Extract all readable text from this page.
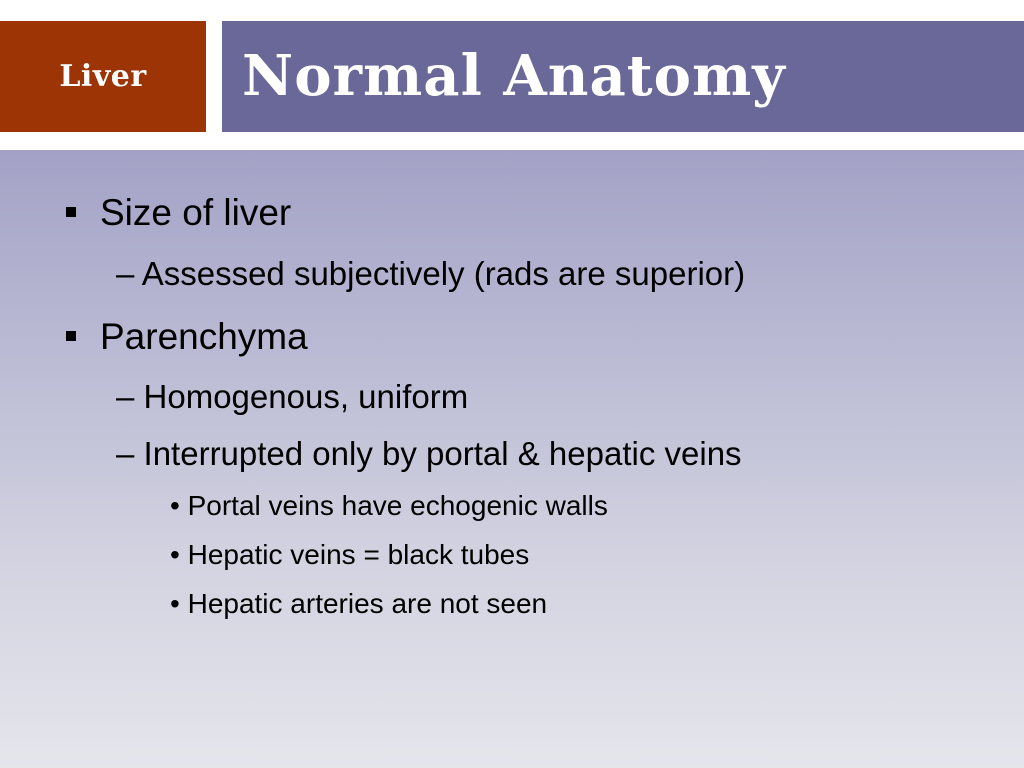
Liver Normal Anatomy
Size of liver
– Assessed subjectively (rads are superior)
Parenchyma
– Homogenous, uniform
– Interrupted only by portal & hepatic veins
• Portal veins have echogenic walls
• Hepatic veins = black tubes
• Hepatic arteries are not seen
